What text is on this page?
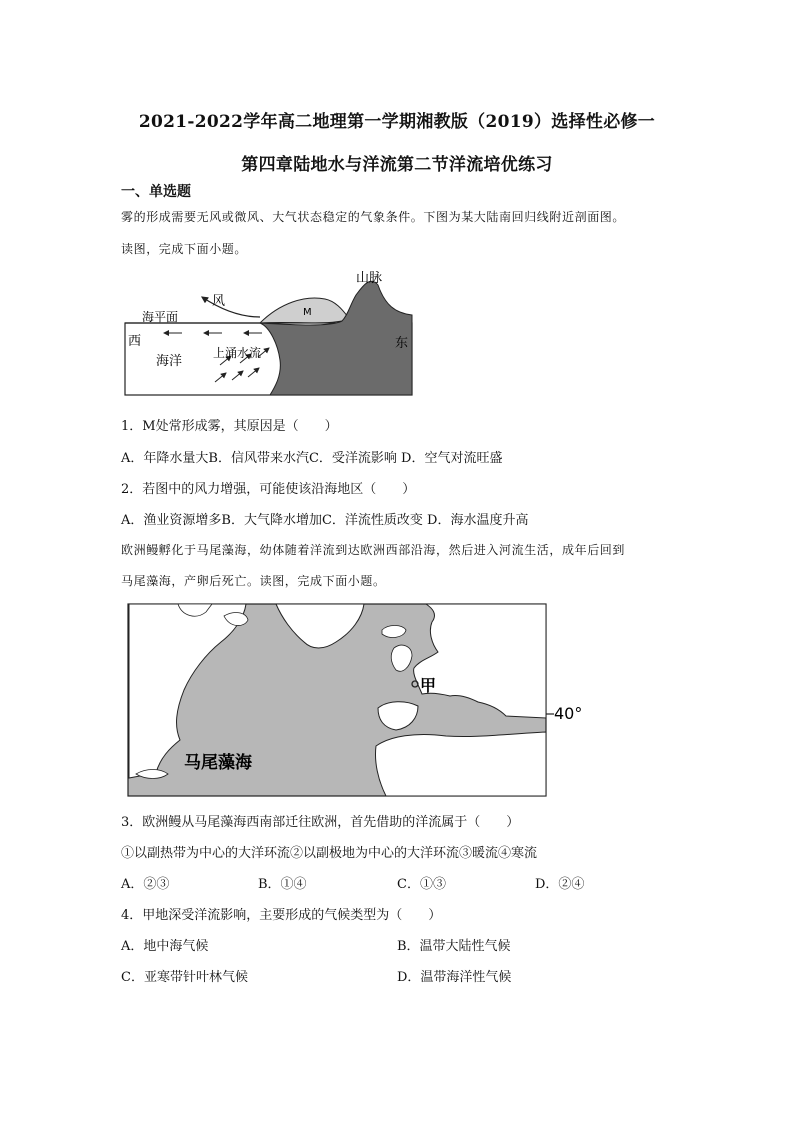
2021-2022学年高二地理第一学期湘教版（2019）选择性必修一
第四章陆地水与洋流第二节洋流培优练习
一、单选题
雾的形成需要无风或微风、大气状态稳定的气象条件。下图为某大陆南回归线附近剖面图。
读图，完成下面小题。
山脉
风
海平面
西	东
海洋
上涌水流
M
1．M处常形成雾，其原因是（　　）
A．年降水量大B．信风带来水汽C．受洋流影响 D．空气对流旺盛
2．若图中的风力增强，可能使该沿海地区（　　）
A．渔业资源增多B．大气降水增加C．洋流性质改变 D．海水温度升高
欧洲鳗孵化于马尾藻海，幼体随着洋流到达欧洲西部沿海，然后进入河流生活，成年后回到
马尾藻海，产卵后死亡。读图，完成下面小题。
甲
40°
马尾藻海
3．欧洲鳗从马尾藻海西南部迁往欧洲，首先借助的洋流属于（　　）
①以副热带为中心的大洋环流②以副极地为中心的大洋环流③暖流④寒流
A．②③	B．①④	C．①③	D．②④
4．甲地深受洋流影响，主要形成的气候类型为（　　）
A．地中海气候	B．温带大陆性气候
C．亚寒带针叶林气候	D．温带海洋性气候
